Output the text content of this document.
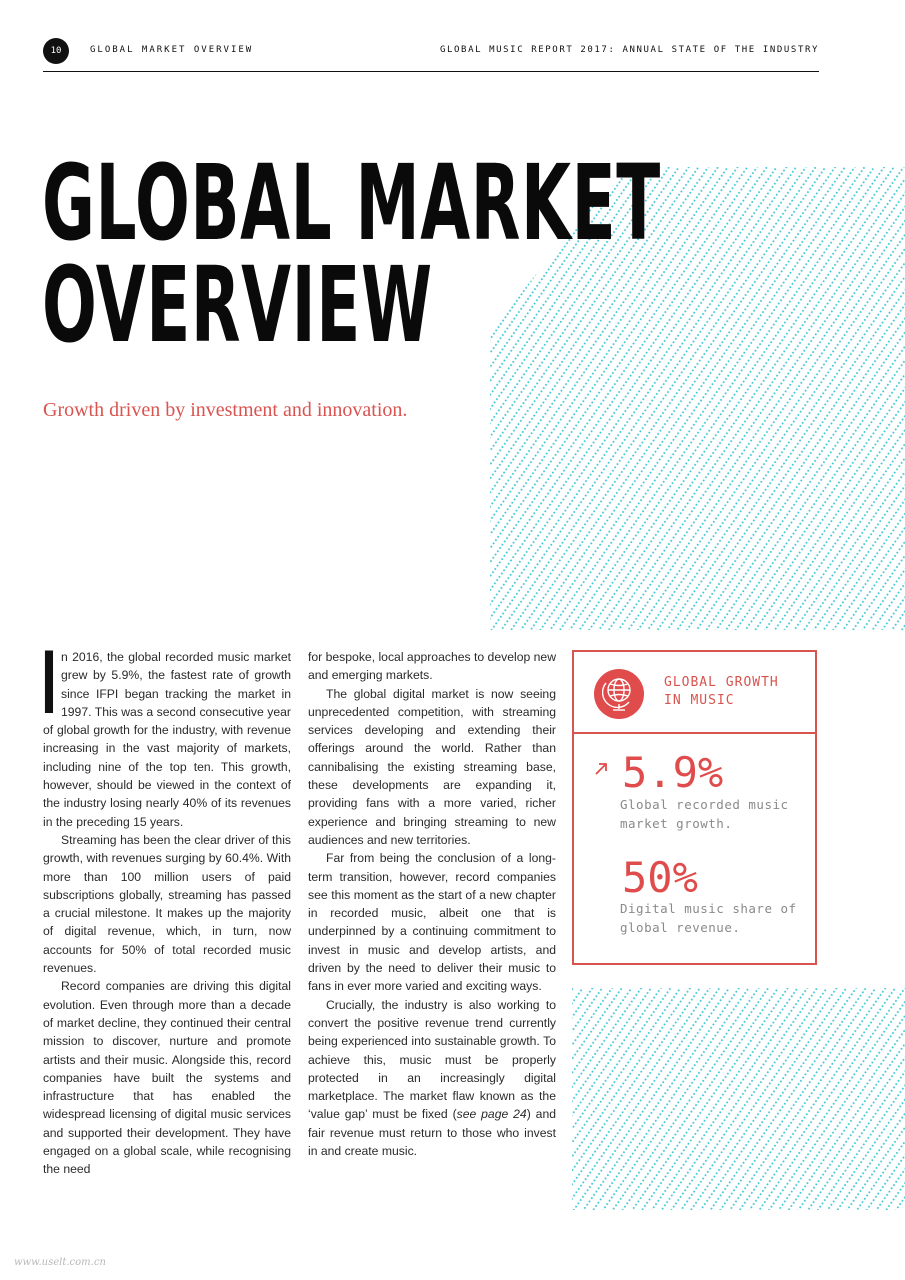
10	GLOBAL MARKET OVERVIEW	GLOBAL MUSIC REPORT 2017: ANNUAL STATE OF THE INDUSTRY
GLOBAL MARKET
OVERVIEW

Growth driven by investment and innovation.

In 2016, the global recorded music market grew by 5.9%, the fastest rate of growth since IFPI began tracking the market in 1997. This was a second consecutive year of global growth for the industry, with revenue increasing in the vast majority of markets, including nine of the top ten. This growth, however, should be viewed in the context of the industry losing nearly 40% of its revenues in the preceding 15 years.

Streaming has been the clear driver of this growth, with revenues surging by 60.4%. With more than 100 million users of paid subscriptions globally, streaming has passed a crucial milestone. It makes up the majority of digital revenue, which, in turn, now accounts for 50% of total recorded music revenues.

Record companies are driving this digital evolution. Even through more than a decade of market decline, they continued their central mission to discover, nurture and promote artists and their music. Alongside this, record companies have built the systems and infrastructure that has enabled the widespread licensing of digital music services and supported their development. They have engaged on a global scale, while recognising the need

for bespoke, local approaches to develop new and emerging markets.

The global digital market is now seeing unprecedented competition, with streaming services developing and extending their offerings around the world. Rather than cannibalising the existing streaming base, these developments are expanding it, providing fans with a more varied, richer experience and bringing streaming to new audiences and new territories.

Far from being the conclusion of a long-term transition, however, record companies see this moment as the start of a new chapter in recorded music, albeit one that is underpinned by a continuing commitment to invest in music and develop artists, and driven by the need to deliver their music to fans in ever more varied and exciting ways.

Crucially, the industry is also working to convert the positive revenue trend currently being experienced into sustainable growth. To achieve this, music must be properly protected in an increasingly digital marketplace. The market flaw known as the ‘value gap’ must be fixed (see page 24) and fair revenue must return to those who invest in and create music.

GLOBAL GROWTH
IN MUSIC
5.9%
Global recorded music market growth.
50%
Digital music share of global revenue.
www.uselt.com.cn
